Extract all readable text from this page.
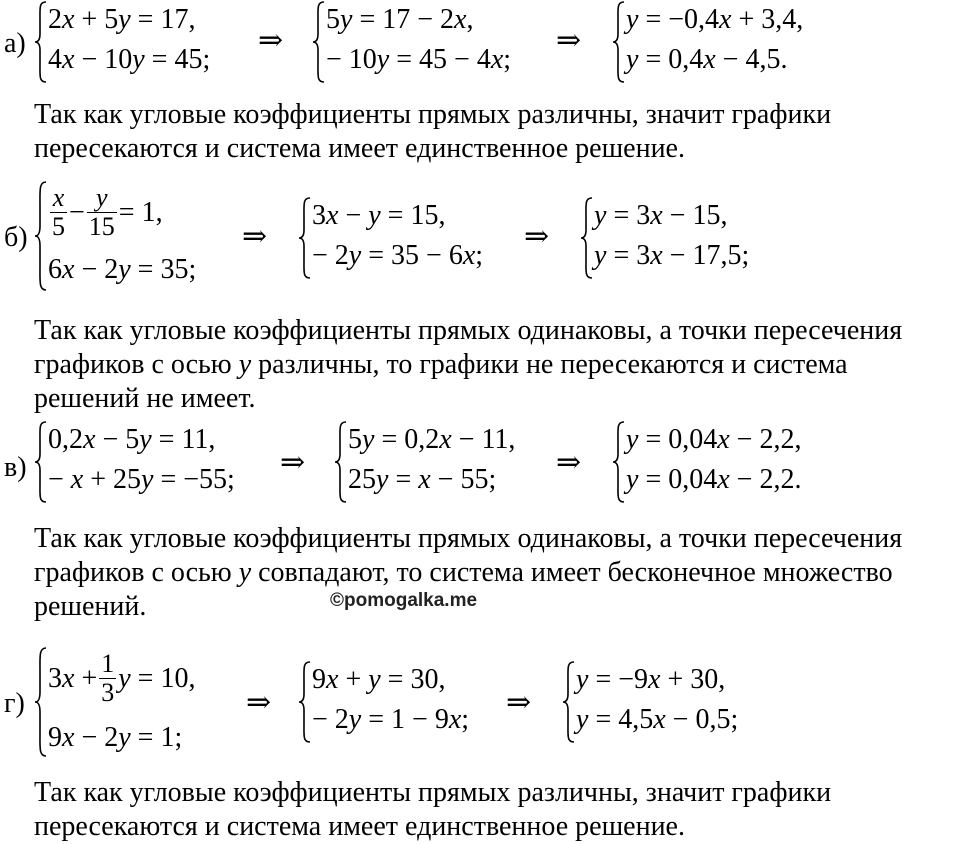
а)
2x + 5y = 17,
4x − 10y = 45;
⇒
5y = 17 − 2x,
− 10y = 45 − 4x;
⇒
y = −0,4x + 3,4,
y = 0,4x − 4,5.
Так как угловые коэффициенты прямых различны, значит графики
пересекаются и система имеет единственное решение.
$б) \frac{x}{5} - \frac{y}{15} = 1$,
6x − 2y = 35;
⇒
3x − y = 15,
− 2y = 35 − 6x;
⇒
y = 3x − 15,
y = 3x − 17,5;
Так как угловые коэффициенты прямых одинаковы, а точки пересечения
графиков с осью y различны, то графики не пересекаются и система
решений не имеет.
в)
0,2x − 5y = 11,
− x + 25y = −55;
⇒
5y = 0,2x − 11,
25y = x − 55;
⇒
y = 0,04x − 2,2,
y = 0,04x − 2,2.
Так как угловые коэффициенты прямых одинаковы, а точки пересечения
графиков с осью y совпадают, то система имеет бесконечное множество
решений.	©pomogalka.me
г)
$3x + \frac{1}{3}$ y = 10,
9x − 2y = 1;
⇒
9x + y = 30,
− 2y = 1 − 9x;
⇒
y = −9x + 30,
y = 4,5x − 0,5;
Так как угловые коэффициенты прямых различны, значит графики
пересекаются и система имеет единственное решение.
